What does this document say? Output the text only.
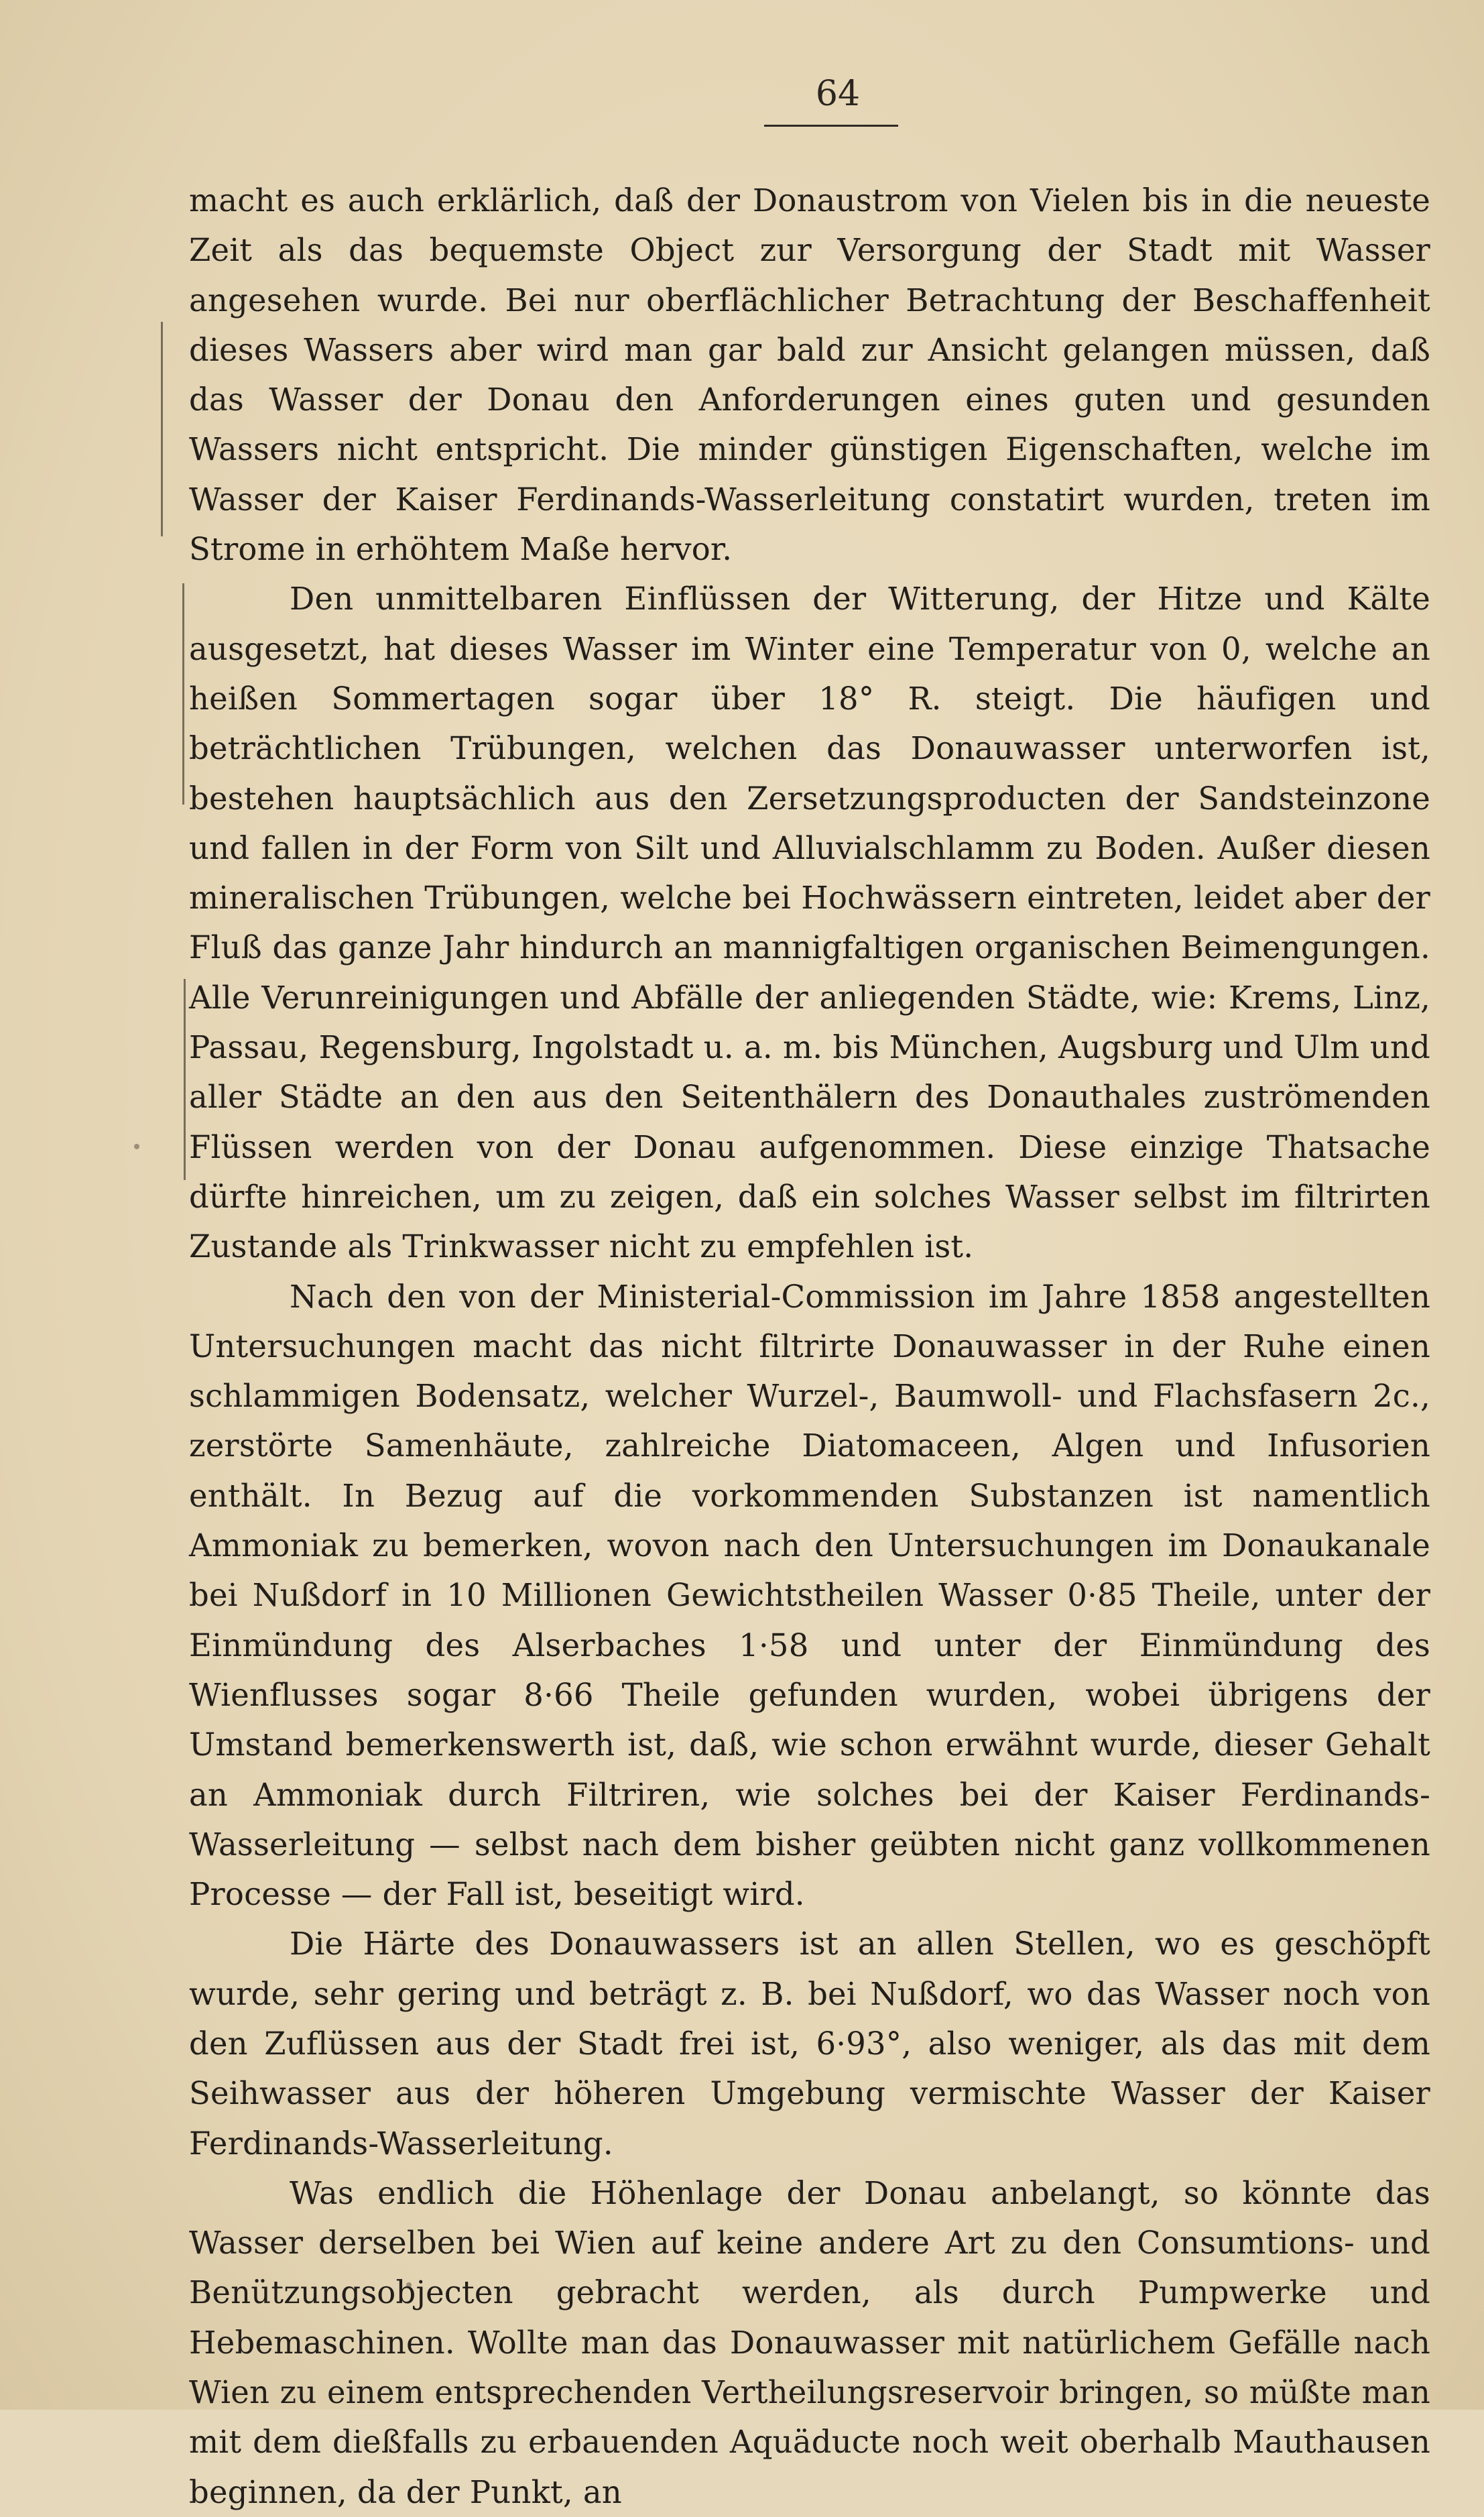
64

macht es auch erklärlich, daß der Donaustrom von Vielen bis in die neueste Zeit als das bequemste Object zur Versorgung der Stadt mit Wasser angesehen wurde. Bei nur oberflächlicher Betrachtung der Beschaffenheit dieses Wassers aber wird man gar bald zur Ansicht gelangen müssen, daß das Wasser der Donau den Anforderungen eines guten und gesunden Wassers nicht entspricht. Die minder günstigen Eigenschaften, welche im Wasser der Kaiser Ferdinands-Wasserleitung constatirt wurden, treten im Strome in erhöhtem Maße hervor.

Den unmittelbaren Einflüssen der Witterung, der Hitze und Kälte ausgesetzt, hat dieses Wasser im Winter eine Temperatur von 0, welche an heißen Sommertagen sogar über 18° R. steigt. Die häufigen und beträchtlichen Trübungen, welchen das Donauwasser unterworfen ist, bestehen hauptsächlich aus den Zersetzungsproducten der Sandsteinzone und fallen in der Form von Silt und Alluvialschlamm zu Boden. Außer diesen mineralischen Trübungen, welche bei Hochwässern eintreten, leidet aber der Fluß das ganze Jahr hindurch an mannigfaltigen organischen Beimengungen. Alle Verunreinigungen und Abfälle der anliegenden Städte, wie: Krems, Linz, Passau, Regensburg, Ingolstadt u. a. m. bis München, Augsburg und Ulm und aller Städte an den aus den Seitenthälern des Donauthales zuströmenden Flüssen werden von der Donau aufgenommen. Diese einzige Thatsache dürfte hinreichen, um zu zeigen, daß ein solches Wasser selbst im filtrirten Zustande als Trinkwasser nicht zu empfehlen ist.

Nach den von der Ministerial-Commission im Jahre 1858 angestellten Untersuchungen macht das nicht filtrirte Donauwasser in der Ruhe einen schlammigen Bodensatz, welcher Wurzel-, Baumwoll- und Flachsfasern 2c., zerstörte Samenhäute, zahlreiche Diatomaceen, Algen und Infusorien enthält. In Bezug auf die vorkommenden Substanzen ist namentlich Ammoniak zu bemerken, wovon nach den Untersuchungen im Donaukanale bei Nußdorf in 10 Millionen Gewichtstheilen Wasser 0·85 Theile, unter der Einmündung des Alserbaches 1·58 und unter der Einmündung des Wienflusses sogar 8·66 Theile gefunden wurden, wobei übrigens der Umstand bemerkenswerth ist, daß, wie schon erwähnt wurde, dieser Gehalt an Ammoniak durch Filtriren, wie solches bei der Kaiser Ferdinands-Wasserleitung — selbst nach dem bisher geübten nicht ganz vollkommenen Processe — der Fall ist, beseitigt wird.

Die Härte des Donauwassers ist an allen Stellen, wo es geschöpft wurde, sehr gering und beträgt z. B. bei Nußdorf, wo das Wasser noch von den Zuflüssen aus der Stadt frei ist, 6·93°, also weniger, als das mit dem Seihwasser aus der höheren Umgebung vermischte Wasser der Kaiser Ferdinands-Wasserleitung.

Was endlich die Höhenlage der Donau anbelangt, so könnte das Wasser derselben bei Wien auf keine andere Art zu den Consumtions- und Benützungsobjecten gebracht werden, als durch Pumpwerke und Hebemaschinen. Wollte man das Donauwasser mit natürlichem Gefälle nach Wien zu einem entsprechenden Vertheilungsreservoir bringen, so müßte man mit dem dießfalls zu erbauenden Aquäducte noch weit oberhalb Mauthausen beginnen, da der Punkt, an
